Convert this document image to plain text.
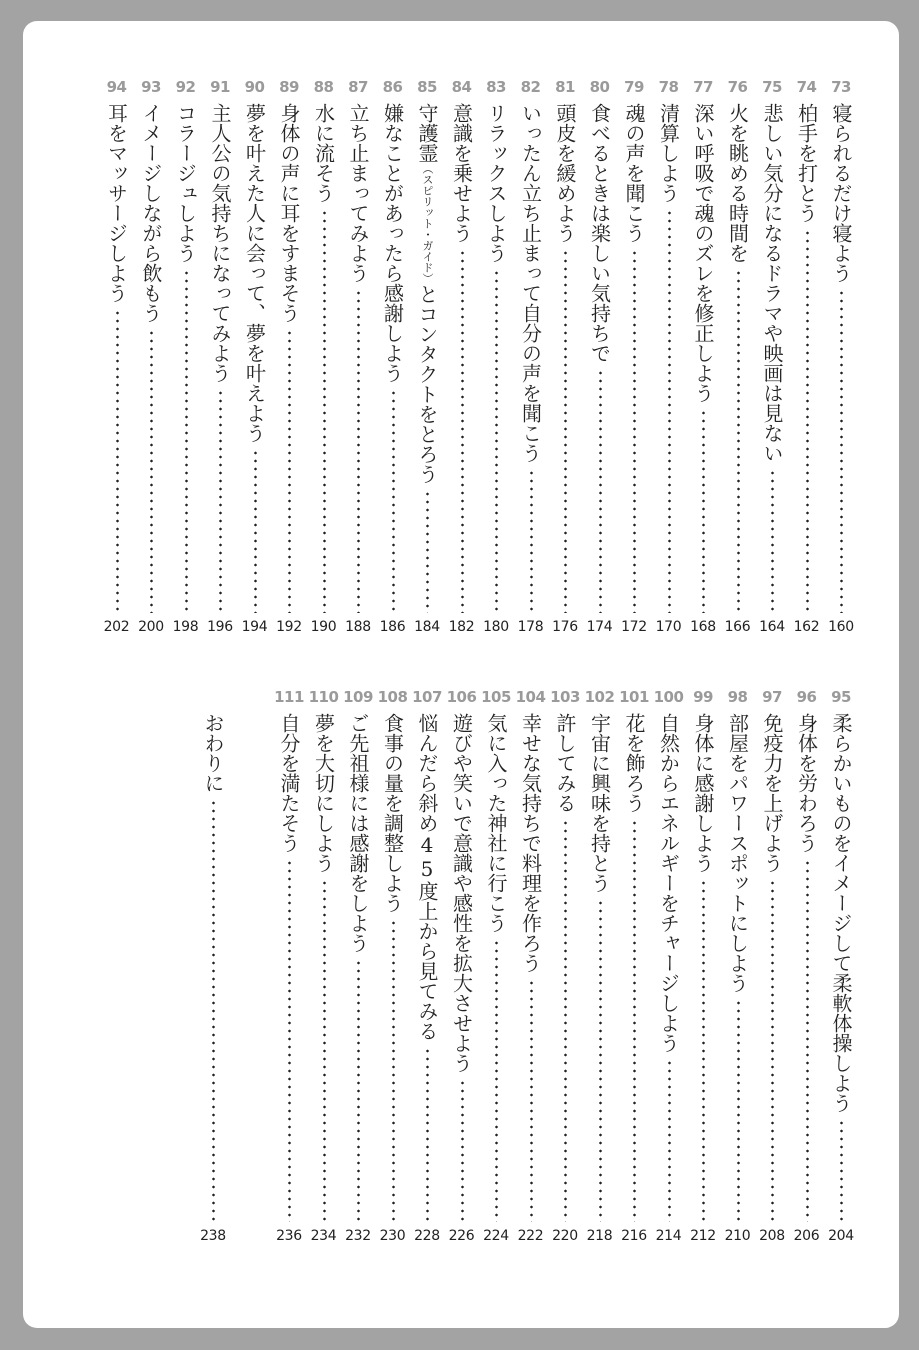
73
寝られるだけ寝よう
160
74
柏手を打とう
162
75
悲しい気分になるドラマや映画は見ない
164
76
火を眺める時間を
166
77
深い呼吸で魂のズレを修正しよう
168
78
清算しよう
170
79
魂の声を聞こう
172
80
食べるときは楽しい気持ちで
174
81
頭皮を緩めよう
176
82
いったん立ち止まって自分の声を聞こう
178
83
リラックスしよう
180
84
意識を乗せよう
182
85
守護霊（スピリット・ガイド）とコンタクトをとろう
184
86
嫌なことがあったら感謝しよう
186
87
立ち止まってみよう
188
88
水に流そう
190
89
身体の声に耳をすまそう
192
90
夢を叶えた人に会って、夢を叶えよう
194
91
主人公の気持ちになってみよう
196
92
コラージュしよう
198
93
イメージしながら飲もう
200
94
耳をマッサージしよう
202
95
柔らかいものをイメージして柔軟体操しよう
204
96
身体を労わろう
206
97
免疫力を上げよう
208
98
部屋をパワースポットにしよう
210
99
身体に感謝しよう
212
100
自然からエネルギーをチャージしよう
214
101
花を飾ろう
216
102
宇宙に興味を持とう
218
103
許してみる
220
104
幸せな気持ちで料理を作ろう
222
105
気に入った神社に行こう
224
106
遊びや笑いで意識や感性を拡大させよう
226
107
悩んだら斜め45度上から見てみる
228
108
食事の量を調整しよう
230
109
ご先祖様には感謝をしよう
232
110
夢を大切にしよう
234
111
自分を満たそう
236
おわりに
238
